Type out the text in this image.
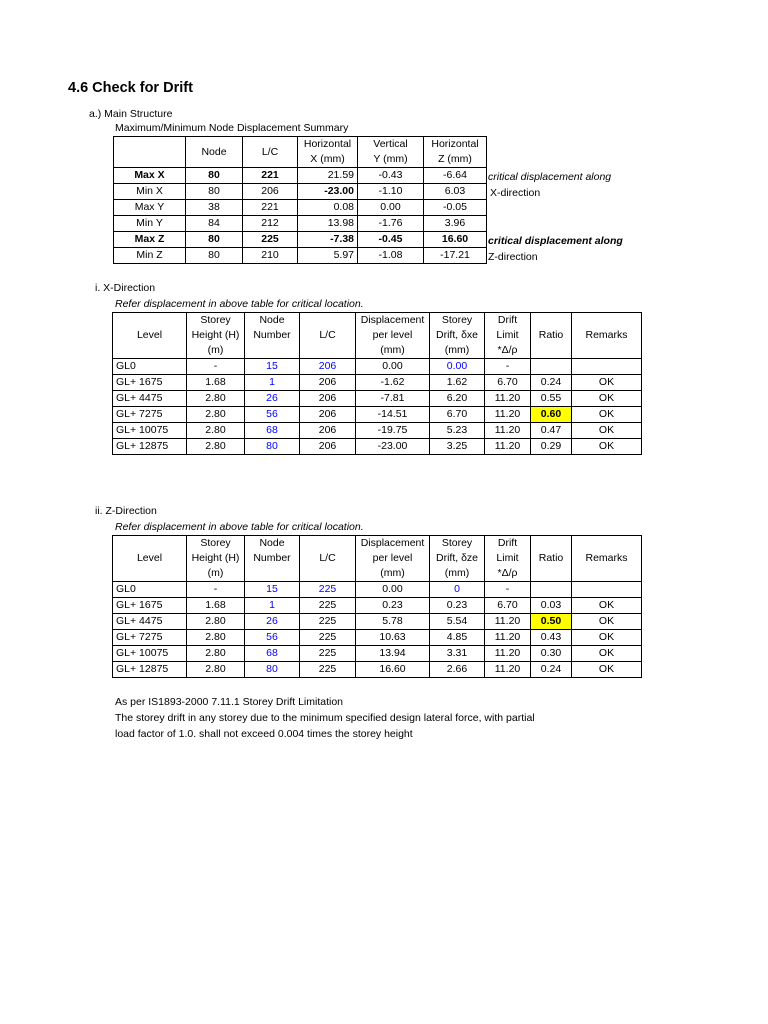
4.6 Check for Drift
a.) Main Structure
Maximum/Minimum Node Displacement Summary
	Node	L/C	Horizontal	Vertical	Horizontal
			X (mm)	Y (mm)	Z (mm)
Max X	80	221	21.59	-0.43	-6.64
Min X	80	206	-23.00	-1.10	6.03
Max Y	38	221	0.08	0.00	-0.05
Min Y	84	212	13.98	-1.76	3.96
Max Z	80	225	-7.38	-0.45	16.60
Min Z	80	210	5.97	-1.08	-17.21
critical displacement along
X-direction
critical displacement along
Z-direction
i. X-Direction
Refer displacement in above table for critical location.
Level	Storey	Node	L/C	Displacement	Storey	Drift	Ratio	Remarks
	Height (H)	Number		per level	Drift, δxe	Limit		
	(m)			(mm)	(mm)	*Δ/ρ		
GL0	-	15	206	0.00	0.00	-		
GL+ 1675	1.68	1	206	-1.62	1.62	6.70	0.24	OK
GL+ 4475	2.80	26	206	-7.81	6.20	11.20	0.55	OK
GL+ 7275	2.80	56	206	-14.51	6.70	11.20	0.60	OK
GL+ 10075	2.80	68	206	-19.75	5.23	11.20	0.47	OK
GL+ 12875	2.80	80	206	-23.00	3.25	11.20	0.29	OK
ii. Z-Direction
Refer displacement in above table for critical location.
Level	Storey	Node	L/C	Displacement	Storey	Drift	Ratio	Remarks
	Height (H)	Number		per level	Drift, δze	Limit		
	(m)			(mm)	(mm)	*Δ/ρ		
GL0	-	15	225	0.00	0	-		
GL+ 1675	1.68	1	225	0.23	0.23	6.70	0.03	OK
GL+ 4475	2.80	26	225	5.78	5.54	11.20	0.50	OK
GL+ 7275	2.80	56	225	10.63	4.85	11.20	0.43	OK
GL+ 10075	2.80	68	225	13.94	3.31	11.20	0.30	OK
GL+ 12875	2.80	80	225	16.60	2.66	11.20	0.24	OK
As per IS1893-2000 7.11.1 Storey Drift Limitation
The storey drift in any storey due to the minimum specified design lateral force, with partial
load factor of 1.0. shall not exceed 0.004 times the storey height
